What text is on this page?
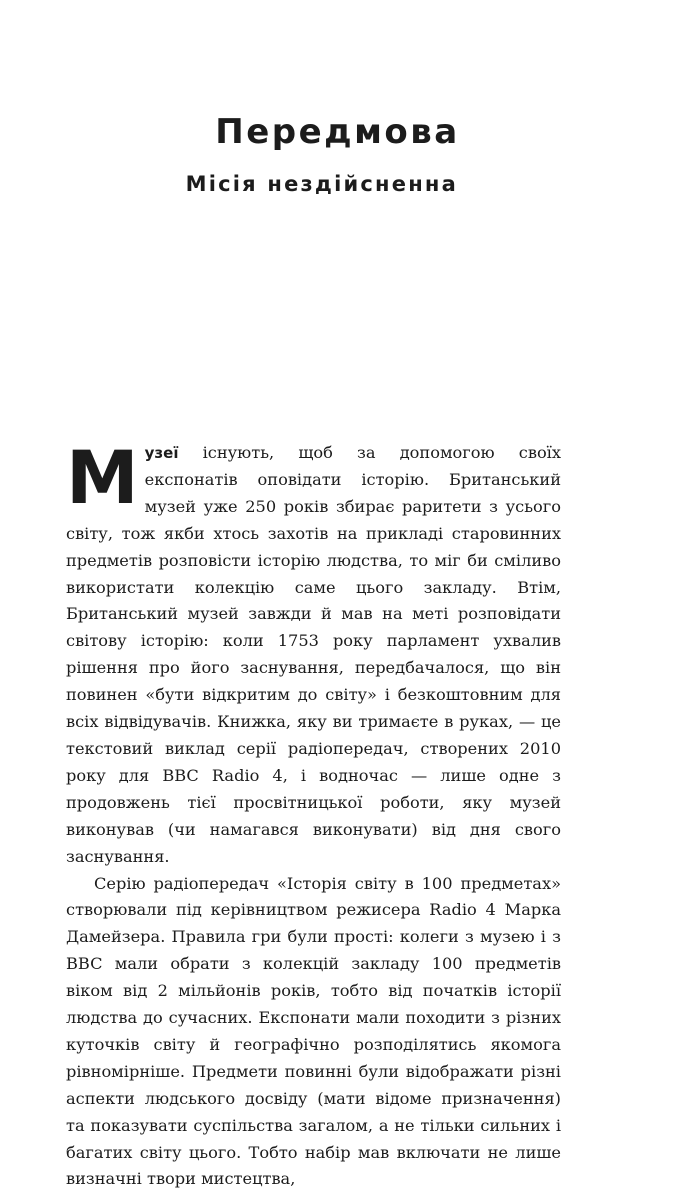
Передмова
Місія нездійсненна

Музеї існують, щоб за допомогою своїх експонатів оповідати історію. Британський музей уже 250 років збирає раритети з усього світу, тож якби хтось захотів на прикладі старовинних предметів розповісти історію людства, то міг би сміливо використати колекцію саме цього закладу. Втім, Британський музей завжди й мав на меті розповідати світову історію: коли 1753 року парламент ухвалив рішення про його заснування, передбачалося, що він повинен «бути відкритим до світу» і безкоштовним для всіх відвідувачів. Книжка, яку ви тримаєте в руках, — це текстовий виклад серії радіопередач, створених 2010 року для BBC Radio 4, і водночас — лише одне з продовжень тієї просвітницької роботи, яку музей виконував (чи намагався виконувати) від дня свого заснування.

Серію радіопередач «Історія світу в 100 предметах» створювали під керівництвом режисера Radio 4 Марка Дамейзера. Правила гри були прості: колеги з музею і з BBC мали обрати з колекцій закладу 100 предметів віком від 2 мільйонів років, тобто від початків історії людства до сучасних. Експонати мали походити з різних куточків світу й географічно розподілятись якомога рівномірніше. Предмети повинні були відображати різні аспекти людського досвіду (мати відоме призначення) та показувати суспільства загалом, а не тільки сильних і багатих світу цього. Тобто набір мав включати не лише визначні твори мистецтва,
